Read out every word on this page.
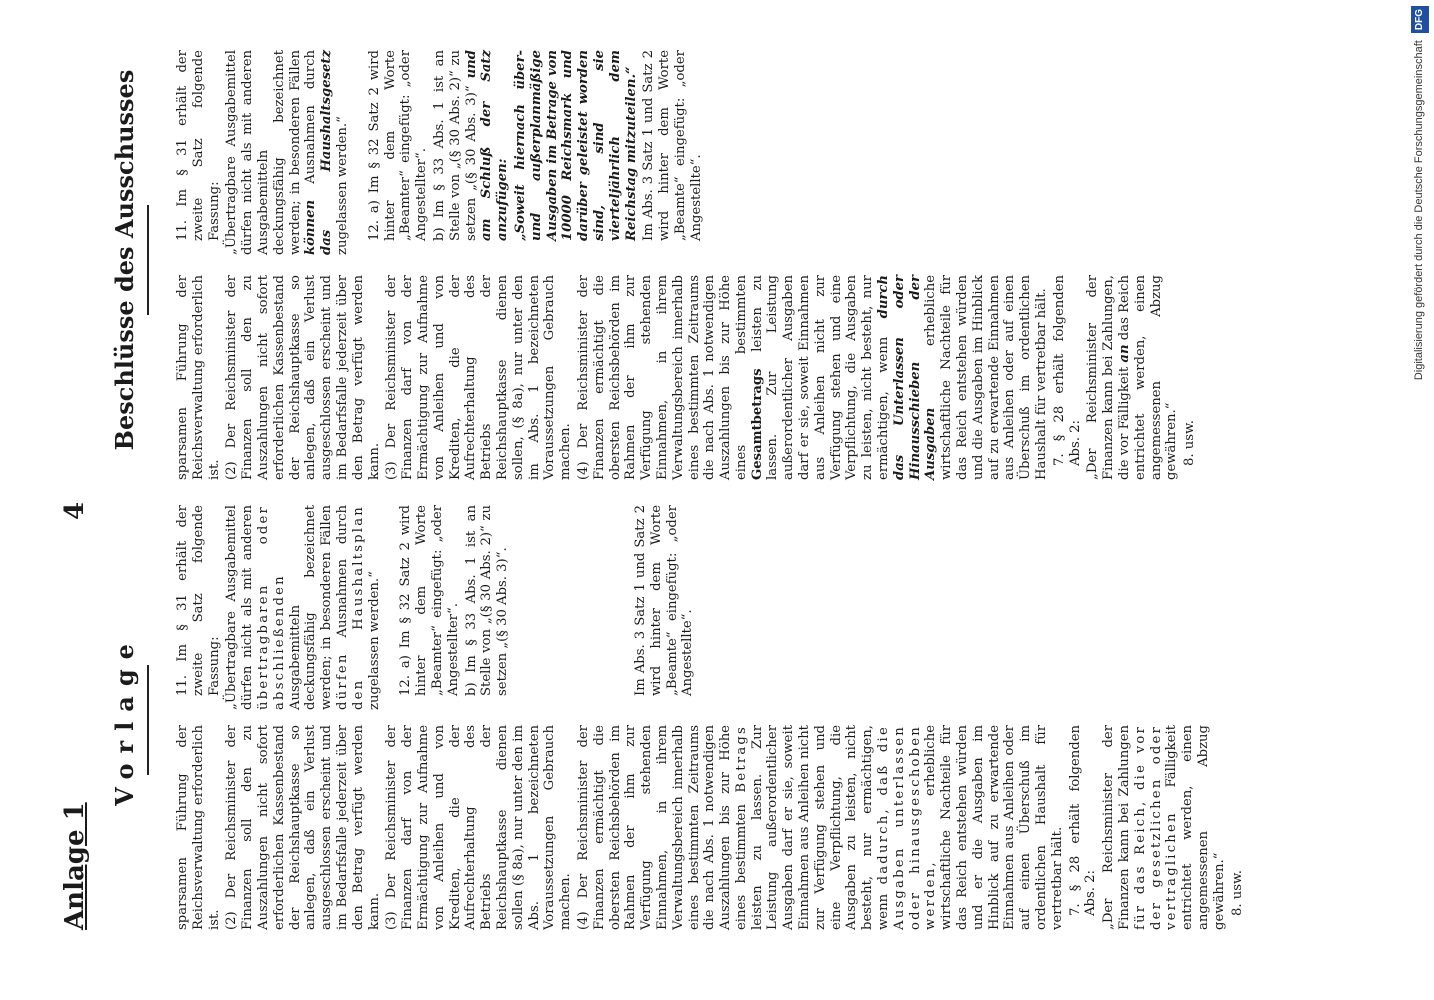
Anlage 1
4
Vorlage
Beschlüsse des Ausschusses

sparsamen Führung der Reichsverwaltung erforderlich ist. (2) Der Reichsminister der Finanzen soll den zu Auszahlungen nicht sofort erforderlichen Kassenbestand der Reichshauptkasse so anlegen, daß ein Verlust ausgeschlossen erscheint und im Bedarfsfalle jederzeit über den Betrag verfügt werden kann. (3) Der Reichsminister der Finanzen darf von der Ermächtigung zur Aufnahme von Anleihen und von Krediten, die der Aufrechterhaltung des Betriebs der Reichshauptkasse dienen sollen (§ 8a), nur unter den im Abs. 1 bezeichneten Voraussetzungen Gebrauch machen. (4) Der Reichsminister der Finanzen ermächtigt die obersten Reichsbehörden im Rahmen der ihm zur Verfügung stehenden Einnahmen, in ihrem Verwaltungsbereich innerhalb eines bestimmten Zeitraums die nach Abs. 1 notwendigen Auszahlungen bis zur Höhe eines bestimmten Betrags leisten zu lassen. Zur Leistung außerordentlicher Ausgaben darf er sie, soweit Einnahmen aus Anleihen nicht zur Verfügung stehen und eine Verpflichtung, die Ausgaben zu leisten, nicht besteht, nur ermächtigen, wenn dadurch, daß die Ausgaben unterlassen oder hinausgeschoben werden, erhebliche wirtschaftliche Nachteile für das Reich entstehen würden und er die Ausgaben im Hinblick auf zu erwartende Einnahmen aus Anleihen oder auf einen Überschuß im ordentlichen Haushalt für vertretbar hält. 7. § 28 erhält folgenden Abs. 2: „Der Reichsminister der Finanzen kann bei Zahlungen für das Reich, die vor der gesetzlichen oder vertraglichen Fälligkeit entrichtet werden, einen angemessenen Abzug gewähren.“ 8. usw.

11. Im § 31 erhält der zweite Satz folgende Fassung: „Übertragbare Ausgabemittel dürfen nicht als mit anderen übertragbaren oder abschließenden Ausgabemitteln deckungsfähig bezeichnet werden; in besonderen Fällen dürfen Ausnahmen durch den Haushaltsplan zugelassen werden.“ 12. a) Im § 32 Satz 2 wird hinter dem Worte „Beamter“ eingefügt: „oder Angestellter“. b) Im § 33 Abs. 1 ist an Stelle von „(§ 30 Abs. 2)“ zu setzen „(§ 30 Abs. 3)“.	Im Abs. 3 Satz 1 und Satz 2 wird hinter dem Worte „Beamte“ eingefügt: „oder Angestellte“.

sparsamen Führung der Reichsverwaltung erforderlich ist. (2) Der Reichsminister der Finanzen soll den zu Auszahlungen nicht sofort erforderlichen Kassenbestand der Reichshauptkasse so anlegen, daß ein Verlust ausgeschlossen erscheint und im Bedarfsfalle jederzeit über den Betrag verfügt werden kann. (3) Der Reichsminister der Finanzen darf von der Ermächtigung zur Aufnahme von Anleihen und von Krediten, die der Aufrechterhaltung des Betriebs der Reichshauptkasse dienen sollen, (§ 8a), nur unter den im Abs. 1 bezeichneten Voraussetzungen Gebrauch machen. (4) Der Reichsminister der Finanzen ermächtigt die obersten Reichsbehörden im Rahmen der ihm zur Verfügung stehenden Einnahmen, in ihrem Verwaltungsbereich innerhalb eines bestimmten Zeitraums die nach Abs. 1 notwendigen Auszahlungen bis zur Höhe eines bestimmten Gesamtbetrags leisten zu lassen. Zur Leistung außerordentlicher Ausgaben darf er sie, soweit Einnahmen aus Anleihen nicht zur Verfügung stehen und eine Verpflichtung, die Ausgaben zu leisten, nicht besteht, nur ermächtigen, wenn durch das Unterlassen oder Hinausschieben der Ausgaben erhebliche wirtschaftliche Nachteile für das Reich entstehen würden und die Ausgaben im Hinblick auf zu erwartende Einnahmen aus Anleihen oder auf einen Überschuß im ordentlichen Haushalt für vertretbar hält. 7. § 28 erhält folgenden Abs. 2: „Der Reichsminister der Finanzen kann bei Zahlungen, die vor Fälligkeit an das Reich entrichtet werden, einen angemessenen Abzug gewähren.“ 8. usw.

11. Im § 31 erhält der zweite Satz folgende Fassung: „Übertragbare Ausgabemittel dürfen nicht als mit anderen Ausgabemitteln deckungsfähig bezeichnet werden; in besonderen Fällen können Ausnahmen durch das Haushaltsgesetz zugelassen werden.“ 12. a) Im § 32 Satz 2 wird hinter dem Worte „Beamter“ eingefügt: „oder Angestellter“. b) Im § 33 Abs. 1 ist an Stelle von „(§ 30 Abs. 2)“ zu setzen „(§ 30 Abs. 3)“ und am Schluß der Satz anzufügen: „Soweit hiernach über- und außerplanmäßige Ausgaben im Betrage von 10000 Reichsmark und darüber geleistet worden sind, sind sie vierteljährlich dem Reichstag mitzuteilen.“ Im Abs. 3 Satz 1 und Satz 2 wird hinter dem Worte „Beamte“ eingefügt: „oder Angestellte“.	Digitalisierung gefördert durch die Deutsche Forschungsgemeinschaft DFG
